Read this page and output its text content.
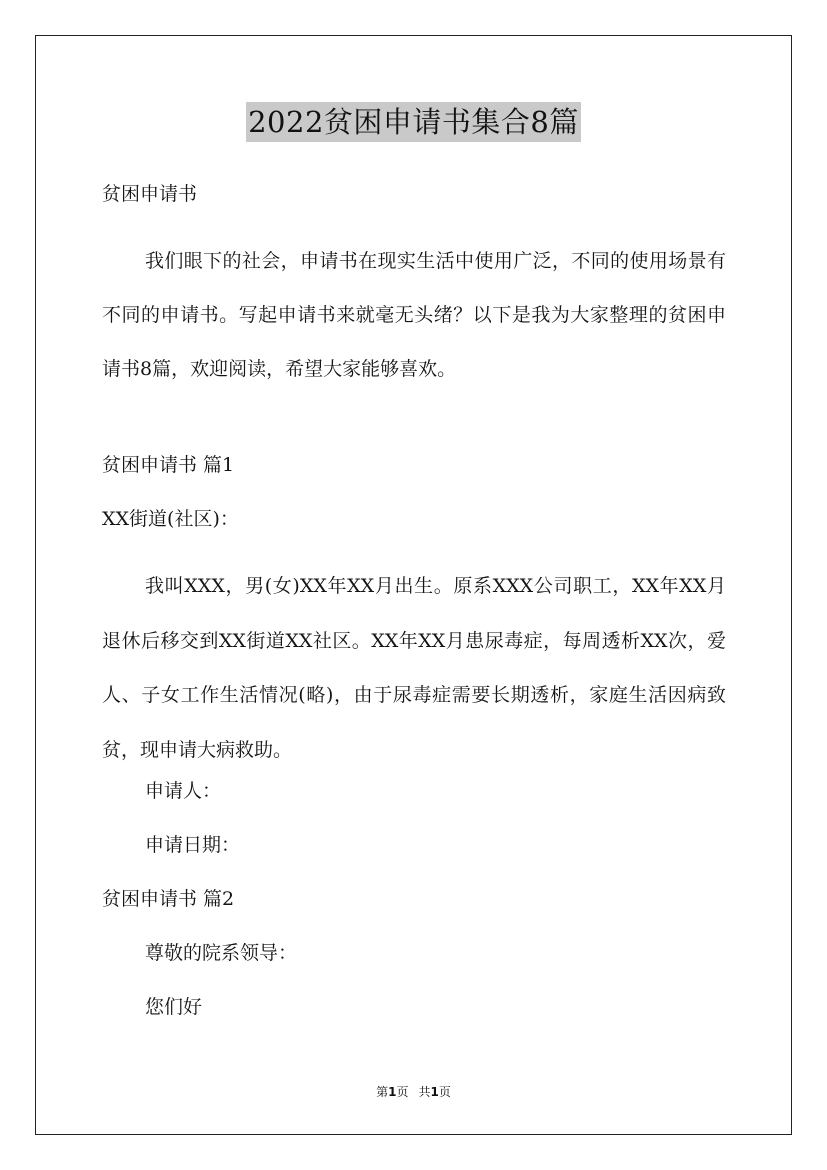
2022贫困申请书集合8篇
贫困申请书

我们眼下的社会，申请书在现实生活中使用广泛，不同的使用场景有不同的申请书。写起申请书来就毫无头绪？以下是我为大家整理的贫困申请书8篇，欢迎阅读，希望大家能够喜欢。

贫困申请书 篇1
XX街道(社区)：

我叫XXX，男(女)XX年XX月出生。原系XXX公司职工，XX年XX月退休后移交到XX街道XX社区。XX年XX月患尿毒症，每周透析XX次，爱人、子女工作生活情况(略)，由于尿毒症需要长期透析，家庭生活因病致贫，现申请大病救助。

申请人：
申请日期：
贫困申请书 篇2
尊敬的院系领导：
您们好
第1页 共1页
